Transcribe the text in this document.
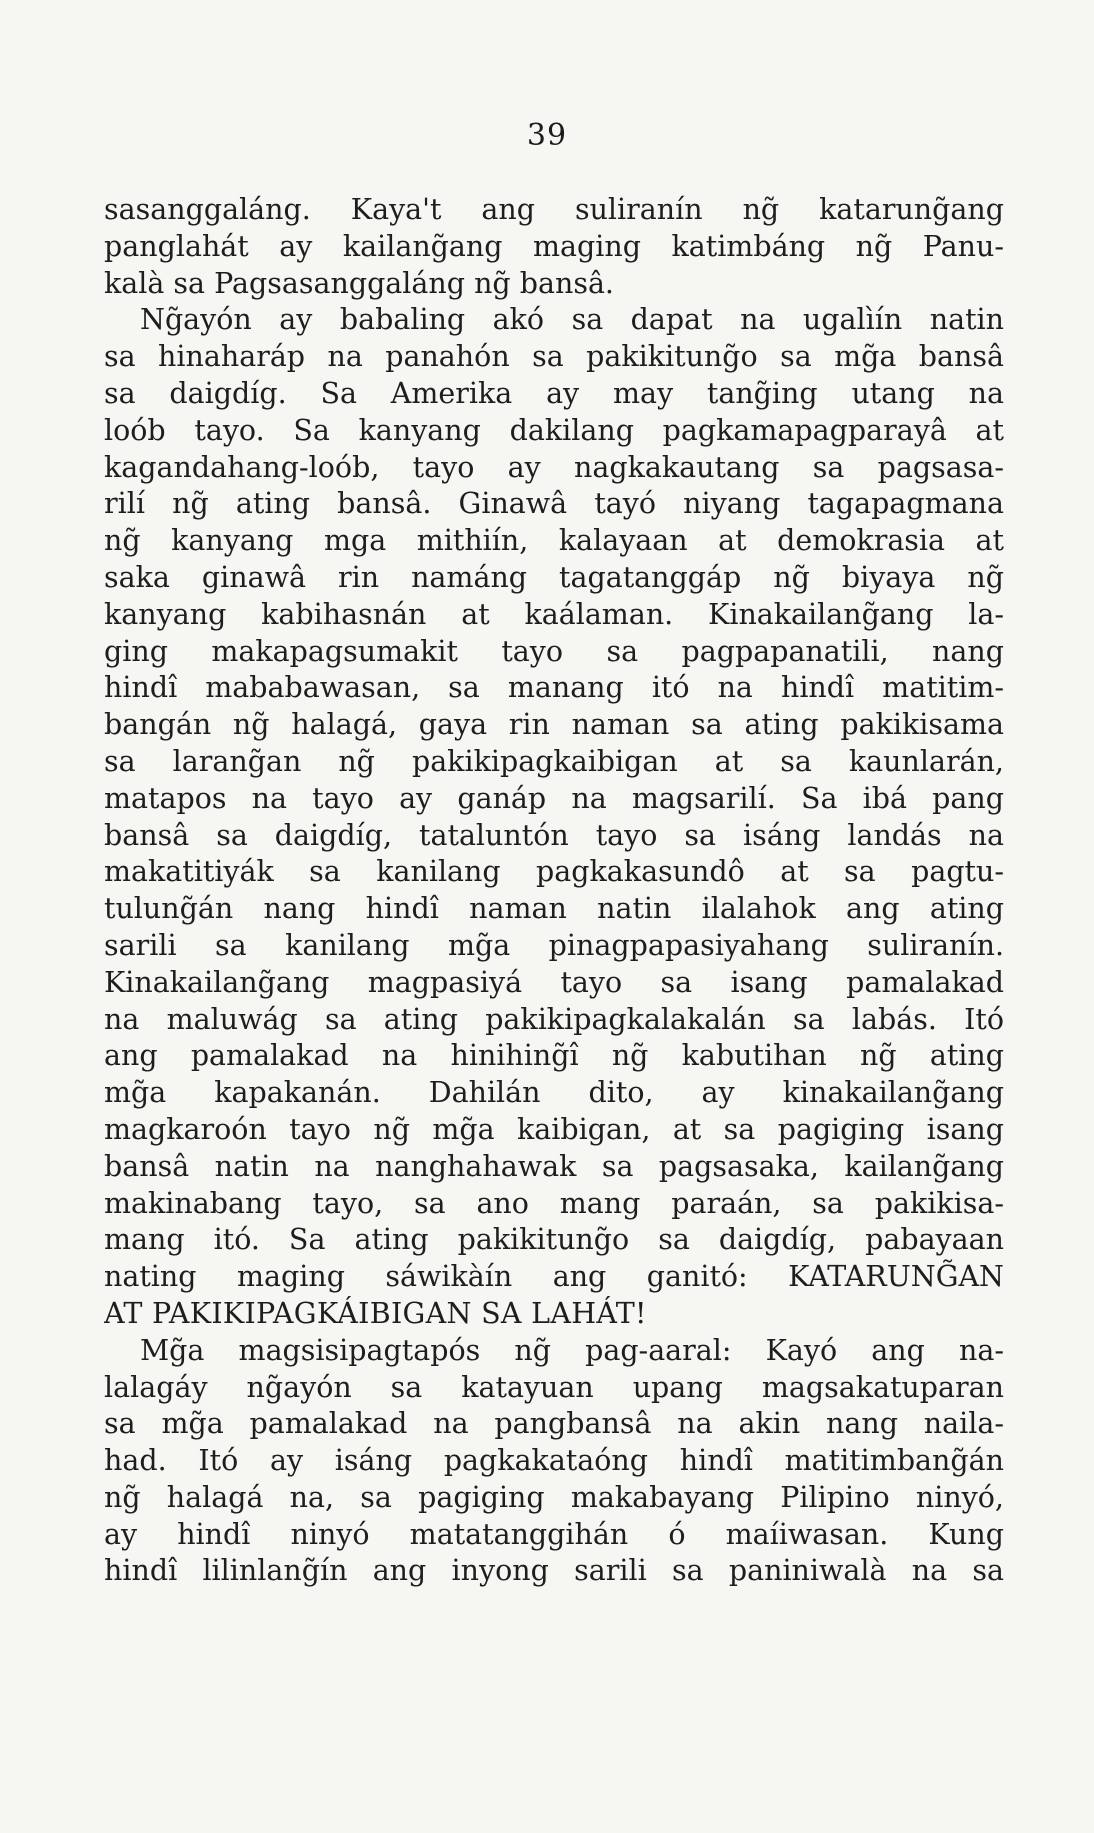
39
sasanggaláng. Kaya't ang suliranín ng̃ katarung̃ang
panglahát ay kailang̃ang maging katimbáng ng̃ Panu-
kalà sa Pagsasanggaláng ng̃ bansâ.
Ng̃ayón ay babaling akó sa dapat na ugalìín natin
sa hinaharáp na panahón sa pakikitung̃o sa mg̃a bansâ
sa daigdíg. Sa Amerika ay may tang̃ing utang na
loób tayo. Sa kanyang dakilang pagkamapagparayâ at
kagandahang-loób, tayo ay nagkakautang sa pagsasa-
rilí ng̃ ating bansâ. Ginawâ tayó niyang tagapagmana
ng̃ kanyang mga mithiín, kalayaan at demokrasia at
saka ginawâ rin namáng tagatanggáp ng̃ biyaya ng̃
kanyang kabihasnán at kaálaman. Kinakailang̃ang la-
ging makapagsumakit tayo sa pagpapanatili, nang
hindî mababawasan, sa manang itó na hindî matitim-
bangán ng̃ halagá, gaya rin naman sa ating pakikisama
sa larang̃an ng̃ pakikipagkaibigan at sa kaunlarán,
matapos na tayo ay ganáp na magsarilí. Sa ibá pang
bansâ sa daigdíg, tataluntón tayo sa isáng landás na
makatitiyák sa kanilang pagkakasundô at sa pagtu-
tulung̃án nang hindî naman natin ilalahok ang ating
sarili sa kanilang mg̃a pinagpapasiyahang suliranín.
Kinakailang̃ang magpasiyá tayo sa isang pamalakad
na maluwág sa ating pakikipagkalakalán sa labás. Itó
ang pamalakad na hinihing̃î ng̃ kabutihan ng̃ ating
mg̃a kapakanán. Dahilán dito, ay kinakailang̃ang
magkaroón tayo ng̃ mg̃a kaibigan, at sa pagiging isang
bansâ natin na nanghahawak sa pagsasaka, kailang̃ang
makinabang tayo, sa ano mang paraán, sa pakikisa-
mang itó. Sa ating pakikitung̃o sa daigdíg, pabayaan
nating maging sáwikàín ang ganitó: KATARUNG̃AN
AT PAKIKIPAGKÁIBIGAN SA LAHÁT!
Mg̃a magsisipagtapós ng̃ pag-aaral: Kayó ang na-
lalagáy ng̃ayón sa katayuan upang magsakatuparan
sa mg̃a pamalakad na pangbansâ na akin nang naila-
had. Itó ay isáng pagkakataóng hindî matitimbang̃án
ng̃ halagá na, sa pagiging makabayang Pilipino ninyó,
ay hindî ninyó matatanggihán ó maíiwasan. Kung
hindî lilinlang̃ín ang inyong sarili sa paniniwalà na sa
